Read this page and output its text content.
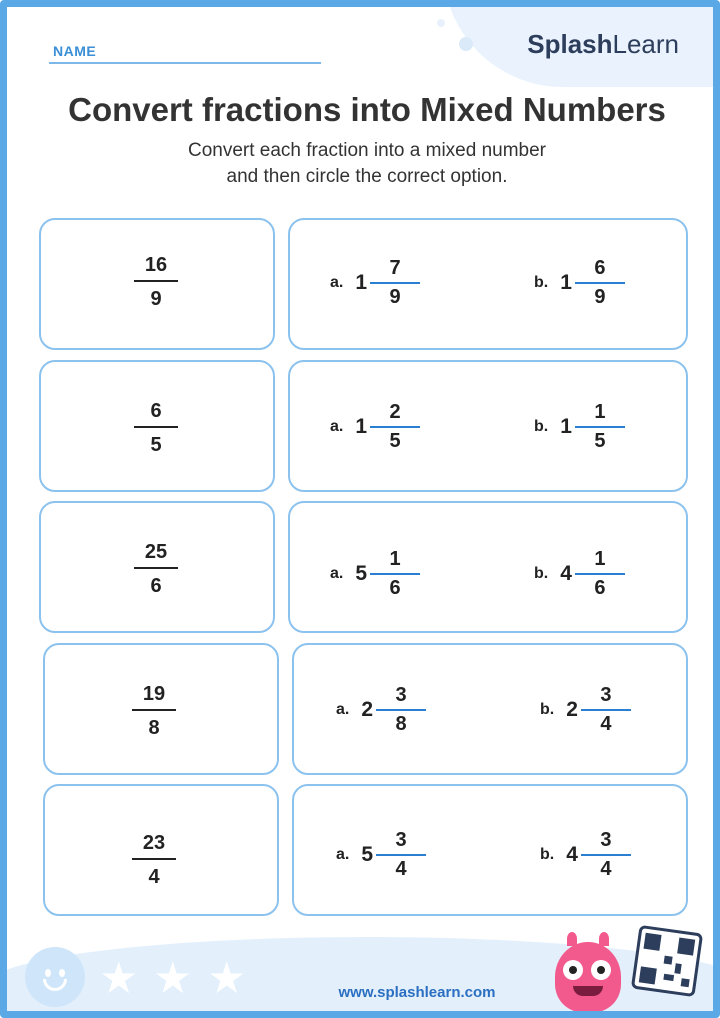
NAME	SplashLearn
Convert fractions into Mixed Numbers
Convert each fraction into a mixed number
and then circle the correct option.
16
9
a. 1
7
9
b. 1
6
9
6
5
a. 1
2
5
b. 1
1
5
25
6
a. 5
1
6
b. 4
1
6
19
8
a. 2
3
8
b. 2
3
4
23
4
a. 5
3
4
b. 4
3
4
★ ★ ★	www.splashlearn.com
